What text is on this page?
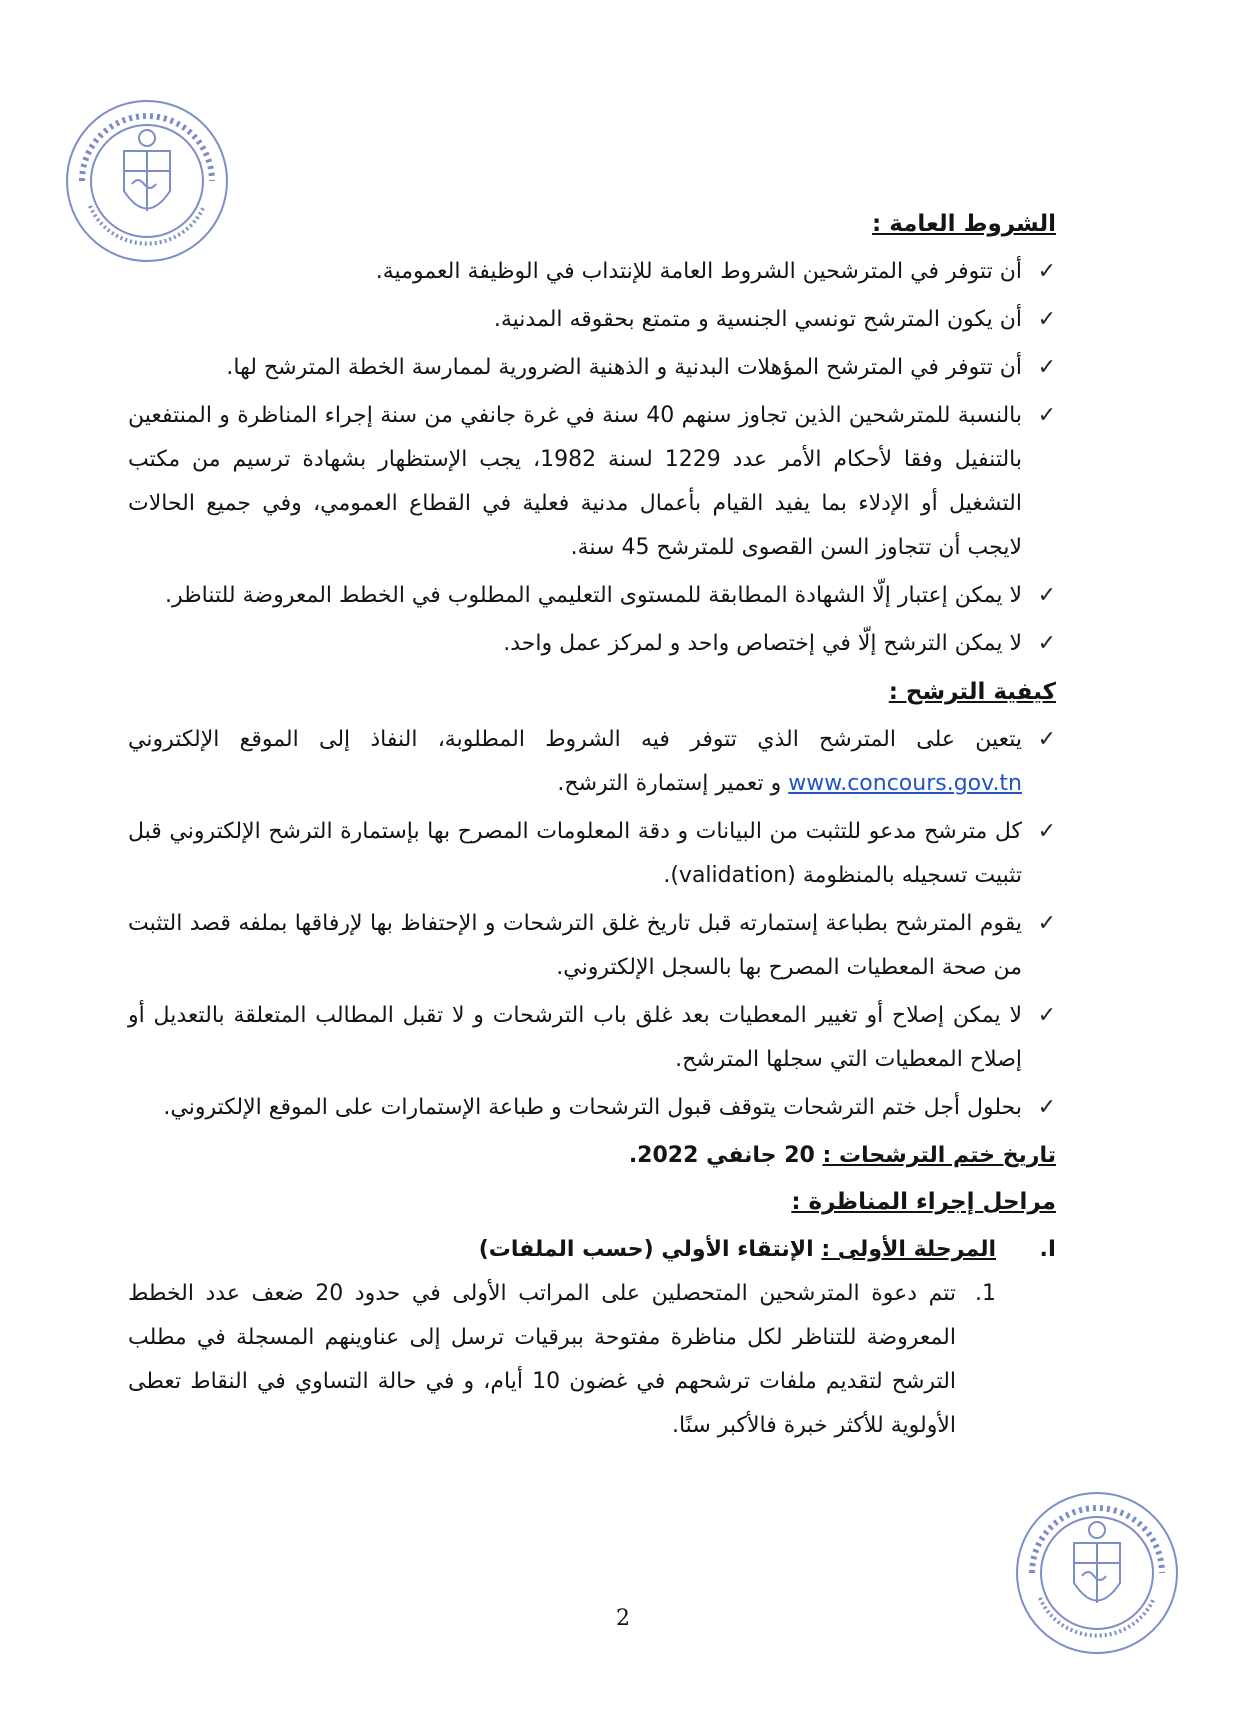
الشروط العامة :
✓
أن تتوفر في المترشحين الشروط العامة للإنتداب في الوظيفة العمومية.
✓
أن يكون المترشح تونسي الجنسية و متمتع بحقوقه المدنية.
✓
أن تتوفر في المترشح المؤهلات البدنية و الذهنية الضرورية لممارسة الخطة المترشح لها.
✓
بالنسبة للمترشحين الذين تجاوز سنهم 40 سنة في غرة جانفي من سنة إجراء المناظرة و المنتفعين بالتنفيل وفقا لأحكام الأمر عدد 1229 لسنة 1982، يجب الإستظهار بشهادة ترسيم من مكتب التشغيل أو الإدلاء بما يفيد القيام بأعمال مدنية فعلية في القطاع العمومي، وفي جميع الحالات لايجب أن تتجاوز السن القصوى للمترشح 45 سنة.
✓
لا يمكن إعتبار إلّا الشهادة المطابقة للمستوى التعليمي المطلوب في الخطط المعروضة للتناظر.
✓
لا يمكن الترشح إلّا في إختصاص واحد و لمركز عمل واحد.
كيفية الترشح :
✓
يتعين على المترشح الذي تتوفر فيه الشروط المطلوبة، النفاذ إلى الموقع الإلكتروني www.concours.gov.tn و تعمير إستمارة الترشح.
✓
كل مترشح مدعو للتثبت من البيانات و دقة المعلومات المصرح بها بإستمارة الترشح الإلكتروني قبل تثبيت تسجيله بالمنظومة (validation).
✓
يقوم المترشح بطباعة إستمارته قبل تاريخ غلق الترشحات و الإحتفاظ بها لإرفاقها بملفه قصد التثبت من صحة المعطيات المصرح بها بالسجل الإلكتروني.
✓
لا يمكن إصلاح أو تغيير المعطيات بعد غلق باب الترشحات و لا تقبل المطالب المتعلقة بالتعديل أو إصلاح المعطيات التي سجلها المترشح.
✓
بحلول أجل ختم الترشحات يتوقف قبول الترشحات و طباعة الإستمارات على الموقع الإلكتروني.
تاريخ ختم الترشحات : 20 جانفي 2022.
مراحل إجراء المناظرة :
I.
المرحلة الأولى : الإنتقاء الأولي (حسب الملفات)
1.
تتم دعوة المترشحين المتحصلين على المراتب الأولى في حدود 20 ضعف عدد الخطط المعروضة للتناظر لكل مناظرة مفتوحة ببرقيات ترسل إلى عناوينهم المسجلة في مطلب الترشح لتقديم ملفات ترشحهم في غضون 10 أيام، و في حالة التساوي في النقاط تعطى الأولوية للأكثر خبرة فالأكبر سنًا.
2
